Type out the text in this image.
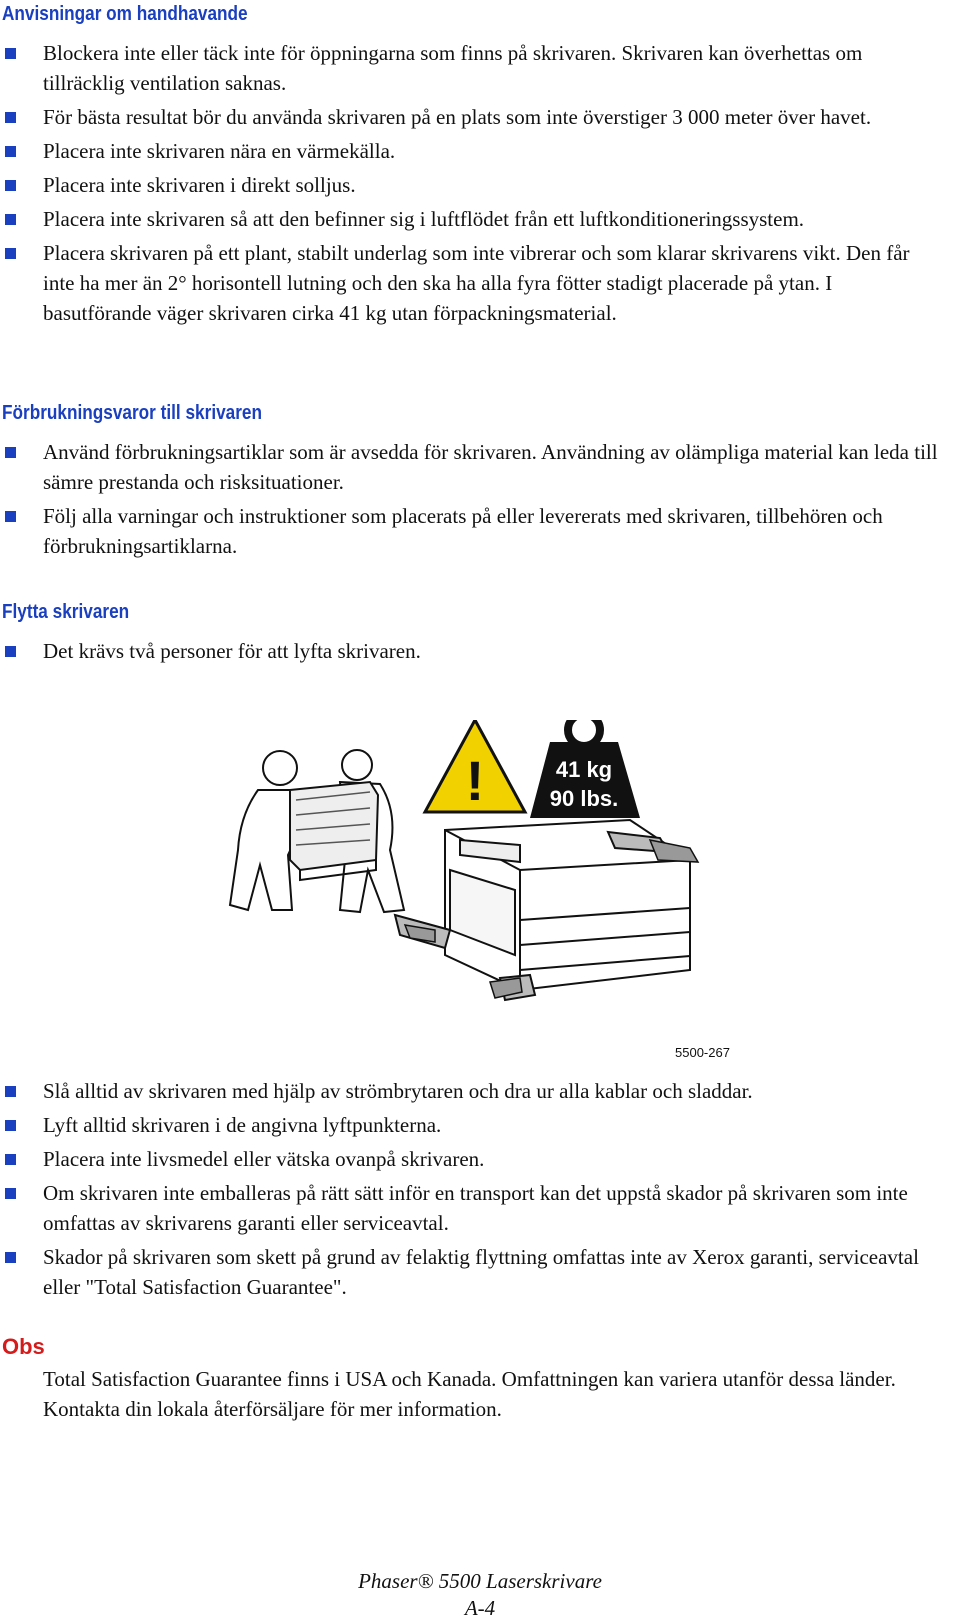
Anvisningar om handhavande
Blockera inte eller täck inte för öppningarna som finns på skrivaren. Skrivaren kan överhettas om tillräcklig ventilation saknas.
För bästa resultat bör du använda skrivaren på en plats som inte överstiger 3 000 meter över havet.
Placera inte skrivaren nära en värmekälla.
Placera inte skrivaren i direkt solljus.
Placera inte skrivaren så att den befinner sig i luftflödet från ett luftkonditioneringssystem.
Placera skrivaren på ett plant, stabilt underlag som inte vibrerar och som klarar skrivarens vikt. Den får inte ha mer än 2° horisontell lutning och den ska ha alla fyra fötter stadigt placerade på ytan. I basutförande väger skrivaren cirka 41 kg utan förpackningsmaterial.
Förbrukningsvaror till skrivaren
Använd förbrukningsartiklar som är avsedda för skrivaren. Användning av olämpliga material kan leda till sämre prestanda och risksituationer.
Följ alla varningar och instruktioner som placerats på eller levererats med skrivaren, tillbehören och förbrukningsartiklarna.
Flytta skrivaren
Det krävs två personer för att lyfta skrivaren.
!	41 kg
90 lbs.
5500-267
Slå alltid av skrivaren med hjälp av strömbrytaren och dra ur alla kablar och sladdar.
Lyft alltid skrivaren i de angivna lyftpunkterna.
Placera inte livsmedel eller vätska ovanpå skrivaren.
Om skrivaren inte emballeras på rätt sätt inför en transport kan det uppstå skador på skrivaren som inte omfattas av skrivarens garanti eller serviceavtal.
Skador på skrivaren som skett på grund av felaktig flyttning omfattas inte av Xerox garanti, serviceavtal eller "Total Satisfaction Guarantee".
Obs

Total Satisfaction Guarantee finns i USA och Kanada. Omfattningen kan variera utanför dessa länder. Kontakta din lokala återförsäljare för mer information.

Phaser® 5500 Laserskrivare
A-4
